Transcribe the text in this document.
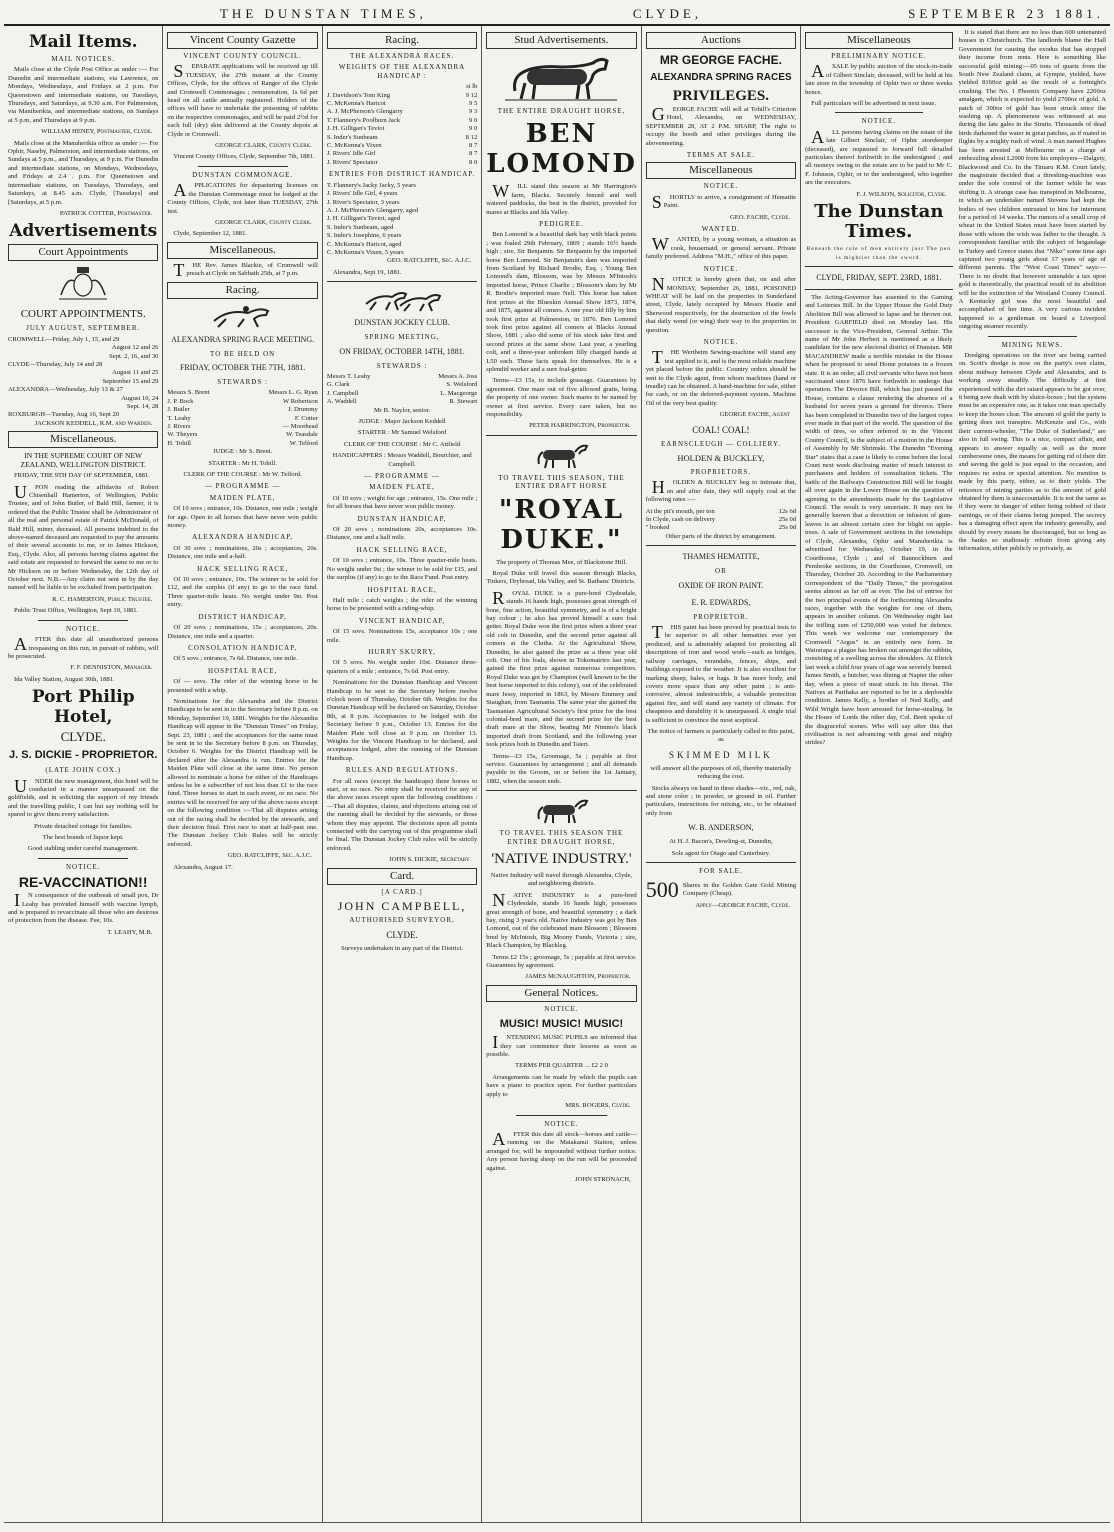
THE DUNSTAN TIMES,	CLYDE,	SEPTEMBER 23 1881.
Mail Items.
MAIL NOTICES.

Mails close at the Clyde Post Office as under :— For Dunedin and intermediate stations, via Lawrence, on Mondays, Wednesdays, and Fridays at 2 p.m. For Queenstown and intermediate stations, on Tuesdays, Thursdays, and Saturdays, at 9.30 a.m. For Palmerston, via Maniherikia, and intermediate stations, on Sundays at 5 p.m, and Thursdays at 9 p.m.

WILLIAM HENEY, Postmaster, Clyde.

Mails close at the Manuherikia office as under :— For Ophir, Naseby, Palmerston, and intermediate stations, on Sundays at 5 p.m., and Thursdays, at 9 p.m. For Dunedin and intermediate stations, on Mondays, Wednesdays, and Fridays at 2.4 . p.m. For Queenstown and intermediate stations, on Tuesdays, Thursdays, and Saturdays, at 8.45 a.m. Clyde, [Tuesdays] and [Saturdays, at 5 p.m.

PATRICK COTTER, Postmaster.

Advertisements
Court Appointments
COURT APPOINTMENTS.
JULY AUGUST, SEPTEMBER.
CROMWELL—Friday, July 1, 15, and 29
August 12 and 26
Sept. 2, 16, and 30
CLYDE—Thursday, July 14 and 28
August 11 and 25
September 15 and 29
ALEXANDRA—Wednesday, July 13 & 27
August 10, 24
Sept. 14, 28
ROXBURGH—Tuesday, Aug 16, Sept 20

JACKSON KEDDELL, R.M. and Warden.

Miscellaneous.
IN THE SUPREME COURT OF NEW ZEALAND, WELLINGTON DISTRICT.

FRIDAY, THE 9TH DAY OF SEPTEMBER, 1881.

UPON reading the affidavits of Robert Chisenhall Hamerton, of Wellington, Public Trustee, and of John Butler, of Bald Hill, farmer, it is ordered that the Public Trustee shall be Administrator of all the real and personal estate of Patrick McDonald, of Bald Hill, miner, deceased. All persons indebted to the above-named deceased are requested to pay the amounts of their several accounts to me, or to James Hickson, Esq., Clyde. Also, all persons having claims against the said estate are requested to forward the same to me or to Mr Hickson on or before Wednesday, the 12th day of October next. N.B.—Any claim not sent in by the day named will be liable to be excluded from participation.

R. C. HAMERTON, Public Trustee.

Public Trust Office, Wellington, Sept 10, 1881.

NOTICE.

AFTER this date all unauthorized persons trespassing on this run, in pursuit of rabbits, will be prosecuted.

F. F. DENNISTON, Manager.

Ida Valley Station, August 30th, 1881.

Port Philip Hotel,
CLYDE.
J. S. DICKIE - PROPRIETOR.
(LATE JOHN COX.)

UNDER the new management, this hotel will be conducted in a manner unsurpassed on the goldfields, and in soliciting the support of my friends and the travelling public, I can but say nothing will be spared to give them every satisfaction.

Private detached cottage for families.

The best brands of liquor kept.

Good stabling under careful management.

NOTICE.
RE-VACCINATION!!

IN consequence of the outbreak of small pox, Dr Leahy has provided himself with vaccine lymph, and is prepared to revaccinate all those who are desirous of protection from the disease. Fee, 10s.

T. LEAHY, M.B.

Vincent County Gazette
VINCENT COUNTY COUNCIL.

SEPARATE applications will be received up till TUESDAY, the 27th instant at the County Offices, Clyde, for the offices of Ranger of the Clyde and Cromwell Commonages ; remuneration, 1s 6d per head on all cattle annually registered. Holders of the offices will have to undertake the poisoning of rabbits on the respective commonages, and will be paid 2½d for each full (dry) skin delivered at the County depots at Clyde or Cromwell.

GEORGE CLARK, County Clerk.

Vincent County Offices, Clyde, September 7th, 1881.

DUNSTAN COMMONAGE.

APPLICATIONS for depasturing licenses on the Dunstan Commonage must be lodged at the County Offices, Clyde, not later than TUESDAY, 27th inst.

GEORGE CLARK, County Clerk.

Clyde, September 12, 1881.

Miscellaneous.

THE Rev. James Blackie, of Cromwell will preach at Clyde on Sabbath 25th, at 7 p.m.

Racing.
ALEXANDRA SPRING RACE MEETING.
TO BE HELD ON
FRIDAY, OCTOBER THE 7TH, 1881.
STEWARDS :
Messrs S. Brent	Messrs L. G. Ryan
J. P. Bock	W Robertson
J. Butler	J. Drummy
T. Leahy	F. Cotter
J. Rivers	— Moorhead
W. Theyers	W. Teasdale
H. Tohill	W. Telford

JUDGE : Mr S. Brent.

STARTER : Mr H. Tohill.

CLERK OF THE COURSE : Mr W. Telford.

— PROGRAMME —
MAIDEN PLATE,

Of 10 sovs ; entrance, 10s. Distance, one mile ; weight for age. Open to all horses that have never won public money.

ALEXANDRA HANDICAP,

Of 30 sovs ; nominations, 20s ; acceptances, 20s. Distance, one mile and a-half.

HACK SELLING RACE,

Of 10 sovs ; entrance, 10s. The winner to be sold for £12, and the surplus (if any) to go to the race fund. Three quarter-mile heats. No weight under 9st. Post entry.

DISTRICT HANDICAP,

Of 20 sovs ; nominations, 15s ; acceptances, 20s. Distance, one mile and a quarter.

CONSOLATION HANDICAP,

Of 5 sovs ; entrance, 7s 6d. Distance, one mile.

HOSPITAL RACE,

Of — sovs. The rider of the winning horse to be presented with a whip.

Nominations for the Alexandra and the District Handicaps to be sent in to the Secretary before 8 p.m. on Monday, September 19, 1881. Weights for the Alexandra Handicap will appear in the "Dunstan Times" on Friday, Sept. 23, 1881 ; and the acceptances for the same must be sent in to the Secretary before 8 p.m. on Thursday, October 6. Weights for the District Handicap will be declared after the Alexandra is run. Entries for the Maiden Plate will close at the same time. No person allowed to nominate a horse for either of the Handicaps unless he be a subscriber of not less than £1 to the race fund. Three horses to start in each event, or no race. No entries will be received for any of the above races except on the following condition :—That all disputes arising out of the racing shall be decided by the stewards, and their decision final. First race to start at half-past one. The Dunstan Jockey Club Rules will be strictly enforced.

GEO. RATCLIFFE, Sec. A.J.C.

Alexandra, August 17.

Racing.
THE ALEXANDRA RACES.
WEIGHTS OF THE ALEXANDRA HANDICAP :
st lb
J. Davidson's Tom King	9 12
C. McKenna's Haricot	9 5
A. J. McPherson's Glengarry	9 3
T. Flannery's Poolburn Jack	9 0
J. H. Gilligan's Teviot	9 0
S. Inder's Sunbeam	8 12
C. McKenna's Vixen	8 7
J. Rivers' Idle Girl	8 7
J. Rivers' Spectator	8 0
ENTRIES FOR DISTRICT HANDICAP.
T. Flannery's Jacky Jacky, 5 years
J. Rivers' Idle Girl, 4 years
J. River's Spectator, 3 years
A. J. McPherson's Glengarry, aged
J. H. Gilligan's Teviot, aged
S. Inder's Sunbeam, aged
S. Inder's Josephine, 6 years
C. McKenna's Haricot, aged
C. McKenna's Vixen, 5 years

GEO. RATCLIFFE, Sec. A.J.C.

Alexandra, Sept 19, 1881.

DUNSTAN JOCKEY CLUB.
SPRING MEETING,
ON FRIDAY, OCTOBER 14TH, 1881.
STEWARDS :
Messrs T. Leahy	Messrs A. Joss
G. Clark	S. Welsford
J. Campbell	L. Macgeorge
A. Waddell	R. Stewart

Mr B. Naylor, senior.

JUDGE : Major Jackson Keddell

STARTER : Mr Samuel Welsford

CLERK OF THE COURSE : Mr C. Attfield

HANDICAPPERS : Messrs Waddell, Bourchier, and Campbell.

— PROGRAMME —
MAIDEN PLATE,

Of 10 sovs ; weight for age ; entrance, 15s. One mile ; for all horses that have never won public money.

DUNSTAN HANDICAP,

Of 20 sovs ; nominations 20s, acceptances 10s. Distance, one and a half mile.

HACK SELLING RACE,

Of 10 sovs ; entrance, 10s. Three quarter-mile heats. No weight under 9st ; the winner to be sold for £15, and the surplus (if any) to go to the Race Fund. Post entry.

HOSPITAL RACE,

Half mile ; catch weights ; the rider of the winning horse to be presented with a riding-whip.

VINCENT HANDICAP,

Of 15 sovs. Nominations 15s, acceptance 10s ; one mile.

HURRY SKURRY,

Of 5 sovs. No weight under 10st. Distance three-quarters of a mile ; entrance, 7s 6d. Post entry.

Nominations for the Dunstan Handicap and Vincent Handicap to be sent to the Secretary before twelve o'clock noon of Thursday, October 6th. Weights for the Dunstan Handicap will be declared on Saturday, October 8th, at 8 p.m. Acceptances to be lodged with the Secretary before 9 p.m., October 13. Entries for the Maiden Plate will close at 9 p.m. on October 13. Weights for the Vincent Handicap to be declared, and acceptances lodged, after the running of the Dunstan Handicap.

RULES AND REGULATIONS.

For all races (except the handicaps) three horses to start, or no race. No entry shall be received for any of the above races except upon the following conditions :—That all disputes, claims, and objections arising out of the running shall be decided by the stewards, or those whom they may appoint. The decisions upon all points connected with the carrying out of this programme shall be final. The Dunstan Jockey Club rules will be strictly enforced.

JOHN S. DICKIE, Secretary.

Card.
[A CARD.]
JOHN CAMPBELL,
AUTHORISED SURVEYOR,
CLYDE.

Surveys undertaken in any part of the District.

Stud Advertisements.
THE ENTIRE DRAUGHT HORSE,
BEN LOMOND

WILL stand this season at Mr Harrington's farm, Blacks. Securely fenced and well watered paddocks, the best in the district, provided for mares at Blacks and Ida Valley.

PEDIGREE.

Ben Lomond is a beautiful dark bay with black points ; was foaled 29th February, 1869 ; stands 16½ hands high ; sire, Sir Benjamin. Sir Benjamin by the imported horse Ben Lomond. Sir Benjamin's dam was imported from Scotland by Richard Brodie, Esq. ; Young Ben Lomond's dam, Blossom, was by Messrs M'Intosh's imported horse, Prince Charlie ; Blossom's dam by Mr R. Brodie's imported mare Nell. This horse has taken first prizes at the Blueskin Annual Show 1873, 1874, and 1875, against all comers. A one year old filly by him took first prize at Palmerston, in 1876. Ben Lomond took first prize against all comers at Blacks Annual Show, 1881 ; also did some of his stock take first and second prizes at the same show. Last year, a yearling colt, and a three-year unbroken filly charged hands at L50 each. These facts speak for themselves. He is a splendid worker and a sure foal-getter.

Terms—£3 15s, to include grassage. Guarantees by agreement. One mare out of five allowed gratis, being the property of one owner. Such mares to be named by owner at first service. Every care taken, but no responsibility.

PETER HARRINGTON, Proprietor.

TO TRAVEL THIS SEASON, THE ENTIRE DRAFT HORSE
"ROYAL DUKE."

The property of Thomas Mee, of Blackstone Hill.

Royal Duke will travel this season through Blacks, Tinkers, Drybread, Ida Valley, and St. Bathans' Districts.

ROYAL DUKE is a pure-bred Clydesdale, stands 16 hands high, possesses great strength of bone, fine action, beautiful symmetry, and is of a bright bay colour ; he also has proved himself a sure foal getter. Royal Duke won the first prize when a three year old colt in Dunedin, and the second prize against all comers at the Clutha. At the Agricultural Show, Dunedin, he also gained the prize as a three year old colt. One of his foals, shown in Tokomairiro last year, gained the first prize against numerous competitors. Royal Duke was got by Champion (well known to be the best horse imported to this colony), out of the celebrated mare Jessy, imported in 1863, by Messrs Emmery and Staughan, from Tasmania. The same year she gained the Tasmanian Agricultural Society's first prize for the best colonial-bred mare, and the second prize for the best draft mare at the Show, beating Mr Nimmo's black imported draft from Scotland, and the following year took prizes both in Dunedin and Taieri.

Terms—£3 15s, Groomage, 5s ; payable at first service. Guarantees by arrangement ; and all demands payable to the Groom, on or before the 1st January, 1882, when the season ends.

TO TRAVEL THIS SEASON THE ENTIRE DRAUGHT HORSE,
'NATIVE INDUSTRY.'

Native Industry will travel through Alexandra, Clyde, and neighboring districts.

NATIVE INDUSTRY is a pure-bred Clydesdale, stands 16 hands high, possesses great strength of bone, and beautiful symmetry ; a dark bay, rising 3 year's old. Native Industry was got by Ben Lomond, out of the celebrated mare Blossom ; Blossom bred by McIntosh, Big Moony Funds, Victoria ; sire, Black Champion, by Blackleg.

Terms £2 15s ; groomage, 5s ; payable at first service. Guarantees by agreement.

JAMES McNAUGHTON, Proprietor.

General Notices.
NOTICE.
MUSIC! MUSIC! MUSIC!

INTENDING MUSIC PUPILS are informed that they can commence their lessons as soon as possible.

TERMS PER QUARTER ... £2 2 0

Arrangements can be made by which the pupils can have a piano to practice upon. For further particulars apply to

MRS. ROGERS, Clyde.

NOTICE.

AFTER this date all stock—horses and cattle—running on the Matakanui Station, unless arranged for, will be impounded without further notice. Any person having sheep on the run will be proceeded against.

JOHN STRONACH,

Auctions
MR GEORGE FACHE.
ALEXANDRA SPRING RACES
PRIVILEGES.

GEORGE FACHE will sell at Tohill's Criterion Hotel, Alexandra, on WEDNESDAY, SEPTEMBER 28, AT 2 P.M. SHARP, The right to occupy the booth and other privileges during the abovemeeting.

TERMS AT SALE.
Miscellaneous
NOTICE.

SHORTLY to arrive, a consignment of Hematite Paint.

GEO. FACHE, Clyde.

WANTED.

WANTED, by a young woman, a situation as cook, housemaid, or general servant. Private family preferred. Address "M.H.," office of this paper.

NOTICE.

NOTICE is hereby given that, on and after MONDAY, September 26, 1881, POISONED WHEAT will be laid on the properties in Sunderland street, Clyde, lately occupied by Messrs Hastie and Sherwood respectively, for the destruction of the fowls that daily wend (or wing) their way to the properties in question.

NOTICE.

THE Wertheim Sewing-machine will stand any test applied to it, and is the most reliable machine yet placed before the public. Country orders should be sent to the Clyde agent, from whom machines (hand or treadle) can be obtained. A hand-machine for sale, either for cash, or on the deferred-payment system. Machine Oil of the very best quality.

GEORGE FACHE, Agent

COAL! COAL!
EARNSCLEUGH — COLLIERY.
HOLDEN & BUCKLEY,
PROPRIETORS.

HOLDEN & BUCKLEY beg to intimate that, on and after date, they will supply coal at the following rates :—

At the pit's mouth, per ton	12s 6d
In Clyde, cash on delivery	25s 0d
" booked	25s 0d

Other parts of the district by arrangement.

THAMES HEMATITE,
OR
OXIDE OF IRON PAINT.
E. R. EDWARDS,
PROPRIETOR.

THIS paint has been proved by practical tests to be superior to all other hematites ever yet produced, and is admirably adapted for protecting all descriptions of iron and wood work—such as bridges, railway carriages, verandahs, fences, ships, and buildings exposed to the weather. It is also excellent for marking sheep, bales, or bags. It has more body, and covers more space than any other paint ; is anti-corrosive, almost indestructible, a valuable protection against fire, and will stand any variety of climate. For cheapness and durability it is unsurpassed. A single trial is sufficient to convince the most sceptical.

The notice of farmers is particularly called to this paint, as

SKIMMED MILK

will answer all the purposes of oil, thereby materially reducing the cost.

Stocks always on hand in three shades—viz., red, oak, and stone color ; in powder, or ground in oil. Further particulars, instructions for mixing, etc., to be obtained only from

W. B. ANDERSON,

At H. J. Bacon's, Dowling-st, Dunedin,

Sole agent for Otago and Canterbury.

FOR SALE.
500 Shares in the Golden Gate Gold Mining Company (Cheap).

Apply—GEORGE FACHE, Clyde.

Miscellaneous
PRELIMINARY NOTICE.

ASALE by public auction of the stock-in-trade of Gilbert Sinclair, deceased, will be held at his late store in the township of Ophir two or three weeks hence.

Full particulars will be advertised in next issue.

NOTICE.

ALL persons having claims on the estate of the late Gilbert Sinclair, of Ophir storekeeper (deceased), are requested to forward full detailed particulars thereof forthwith to the undersigned ; and all moneys owing to the estate are to be paid to Mr C. F. Johnson, Ophir, or to the undersigned, who together are the executors.

F. J. WILSON, Solicitor, Clyde.

The Dunstan Times.
Beneath the rule of men entirely just The pen is mightier than the sword.
CLYDE, FRIDAY, SEPT. 23RD, 1881.

The Acting-Governor has assented to the Gaming and Lotteries Bill. In the Upper House the Gold Duty Abolition Bill was allowed to lapse and be thrown out. President GARFIELD died on Monday last. His successor is the Vice-President, General Arthur. The name of Mr John Herbert is mentioned as a likely candidate for the new electoral district of Dunstan. MR MACANDREW made a terrible mistake in the House when he proposed to send Home potatoes in a frozen state. It is an order, all civil servants who have not been vaccinated since 1876 have forthwith to undergo that operation. The Divorce Bill, which has just passed the House, contains a clause rendering the absence of a husband for seven years a ground for divorce. There has been completed in Dunedin two of the largest ropes ever made in that part of the world. The question of the width of tires, so often referred to in the Vincent County Council, is the subject of a motion in the House of Assembly by Mr Shrimski. The Dunedin "Evening Star" states that a case is likely to come before the local Court next week disclosing matter of much interest to purchasers and holders of consultation tickets. The battle of the Railways Construction Bill will be fought all over again in the Lower House on the question of agreeing to the amendments made by the Legislative Council. The result is very uncertain. It may not be generally known that a decoction or infusion of gum-leaves is an almost certain cure for blight on apple-trees. A sale of Government sections in the townships of Clyde, Alexandra, Ophir and Manuherikia is advertised for Wednesday, October 19, in the Courthouse, Clyde ; and of Bannockburn and Pembroke sections, in the Courthouse, Cromwell, on Thursday, October 20. According to the Parliamentary correspondent of the "Daily Times," the prorogation seems almost as far off as ever. The list of entries for the two principal events of the forthcoming Alexandra races, together with the weights for one of them, appears in another column. On Wednesday night last the trifling sum of £250,000 was voted for defence. This week we welcome our contemporary the Cromwell "Argus" in an entirely new form. In Wairarapa a plague has broken out amongst the rabbits, consisting of a swelling across the shoulders. At Eltrick last week a child four years of age was severely burned. James Smith, a butcher, was dining at Napier the other day, when a piece of meat stuck in his throat. The Natives at Parihaka are reported to be in a deplorable condition. James Kelly, a brother of Ned Kelly, and Wild Wright have been arrested for horse-stealing. In the House of Lords the other day, Col. Brett spoke of the disgraceful scenes. Who will say after this that civilisation is not advancing with great and mighty strides?

It is stated that there are no less than 600 untenanted houses in Christchurch. The landlords blame the Hall Government for causing the exodus that has stopped their income from rents. Here is something like successful gold mining:—05 tons of quartz from the South New Zealand claim, at Gympie, yielded, have yielded 8160oz gold as the result of a fortnight's crushing. The No. 1 Phoenix Company have 2200oz amalgam, which is expected to yield 2700oz of gold. A patch of 300oz of gold has been struck since the washing up. A phenomenon was witnessed at sea during the late gales in the Straits. Thousands of dead birds darkened the water in great patches, as if mated in flights by a mighty rush of wind. A man named Hughes has been arrested at Melbourne on a charge of embezzling about L2000 from his employers—Dalgety, Blackwood and Co. In the Timaru R.M. Court lately, the magistrate decided that a threshing-machine was under the sole control of the farmer while he was shifting it. A strange case has transpired in Melbourne, in which an undertaker named Stevens had kept the bodies of two children entrusted to him for interment for a period of 14 weeks. The rumors of a small crop of wheat in the United States must have been started by those with whom the wish was father to the thought. A correspondent familiar with the subject of brigandage in Turkey and Greece states that "Niko" some time ago captured two young girls about 17 years of age of different parents. The "West Coast Times" says:—There is no doubt that however untenable a tax upon gold is theoretically, the practical result of its abolition will be the extinction of the Westland County Council. A Kentucky girl was the most beautiful and accomplished of her time. A very curious incident happened to a gentleman on board a Liverpool outgoing steamer recently.

MINING NEWS.

Dredging operations on the river are being carried on. Scott's dredge is now on the party's own claim, about midway between Clyde and Alexandra, and is working away steadily. The difficulty at first experienced with the dirt raised appears to be got over, it being now dealt with by sluice-boxes ; but the system must be an expensive one, as it takes one man specially to keep the boxes clear. The amount of gold the party is getting does not transpire. McKenzie and Co., with their current-wheeler, "The Duke of Sutherland," are also in full swing. This is a nice, compact affair, and appears to answer equally as well as the more cumbersome ones, the means for getting rid of their dirt and saving the gold is just equal to the occasion, and requires no extra or special attention. No mention is made by this party, either, as to their yields. The reticence of mining parties as to the amount of gold obtained by them is unaccountable. It is not the same as if they were in danger of either being robbed of their earnings, or of their claims being jumped. The secrecy has a damaging effect upon the industry generally, and should by every means be discouraged, but so long as the banks so studiously refrain from giving any information, either publicly or privately, as
